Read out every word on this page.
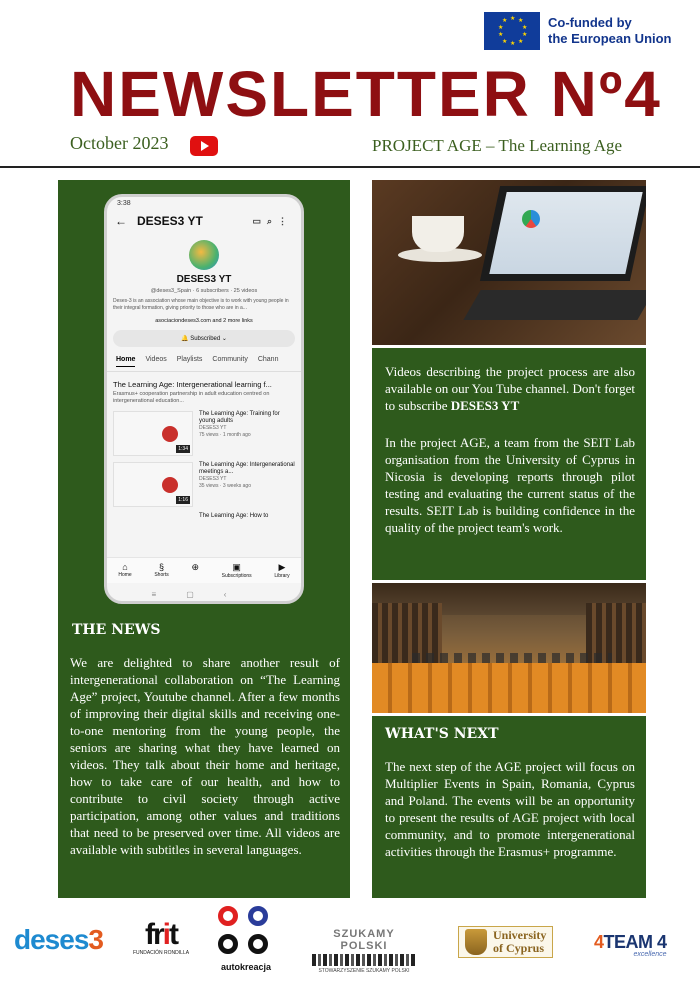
★ ★
★
★
★
★
★
★
★
★	Co-funded by
the European Union
NEWSLETTER Nº4
October 2023	PROJECT AGE – The Learning Age
3:38
← DESES3 YT	▭⌕⋮
DESES3 YT
@deses3_Spain · 6 subscribers · 25 videos
Deses-3 is an association whose main objective is to work with young people in their integral formation, giving priority to those who are in a...
asociaciondeses3.com and 2 more links
🔔 Subscribed ⌄
Home Videos Playlists Community Chann
The Learning Age: Intergenerational learning f...
Erasmus+ cooperation partnership in adult education centred on intergenerational education...
1:34
The Learning Age: Training for young adults
DESES3 YT
75 views · 1 month ago
1:16
The Learning Age: Intergenerational meetings a...
DESES3 YT
35 views · 3 weeks ago
The Learning Age: How to
⌂
Home
§
Shorts
⊕	▣
Subscriptions
▶
Library
≡▢‹
THE NEWS
We are delighted to share another result of intergenerational collaboration on “The Learning Age” project, Youtube channel. After a few months of improving their digital skills and receiving one-to-one mentoring from the young people, the seniors are sharing what they have learned on videos. They talk about their home and heritage, how to take care of our health, and how to contribute to civil society through active participation, among other values and traditions that need to be preserved over time. All videos are available with subtitles in several languages.
Videos describing the project process are also available on our You Tube channel. Don't forget to subscribe DESES3 YT
In the project AGE, a team from the SEIT Lab organisation from the University of Cyprus in Nicosia is developing reports through pilot testing and evaluating the current status of the results. SEIT Lab is building confidence in the quality of the project team's work.
WHAT'S NEXT
The next step of the AGE project will focus on Multiplier Events in Spain, Romania, Cyprus and Poland. The events will be an opportunity to present the results of AGE project with local community, and to promote intergenerational activities through the Erasmus+ programme.
deses3	frit
FUNDACIÓN RONDILLA
autokreacja
SZUKAMY POLSKI
STOWARZYSZENIE SZUKAMY POLSKI
University
of Cyprus	4TEAM 4
excellence
